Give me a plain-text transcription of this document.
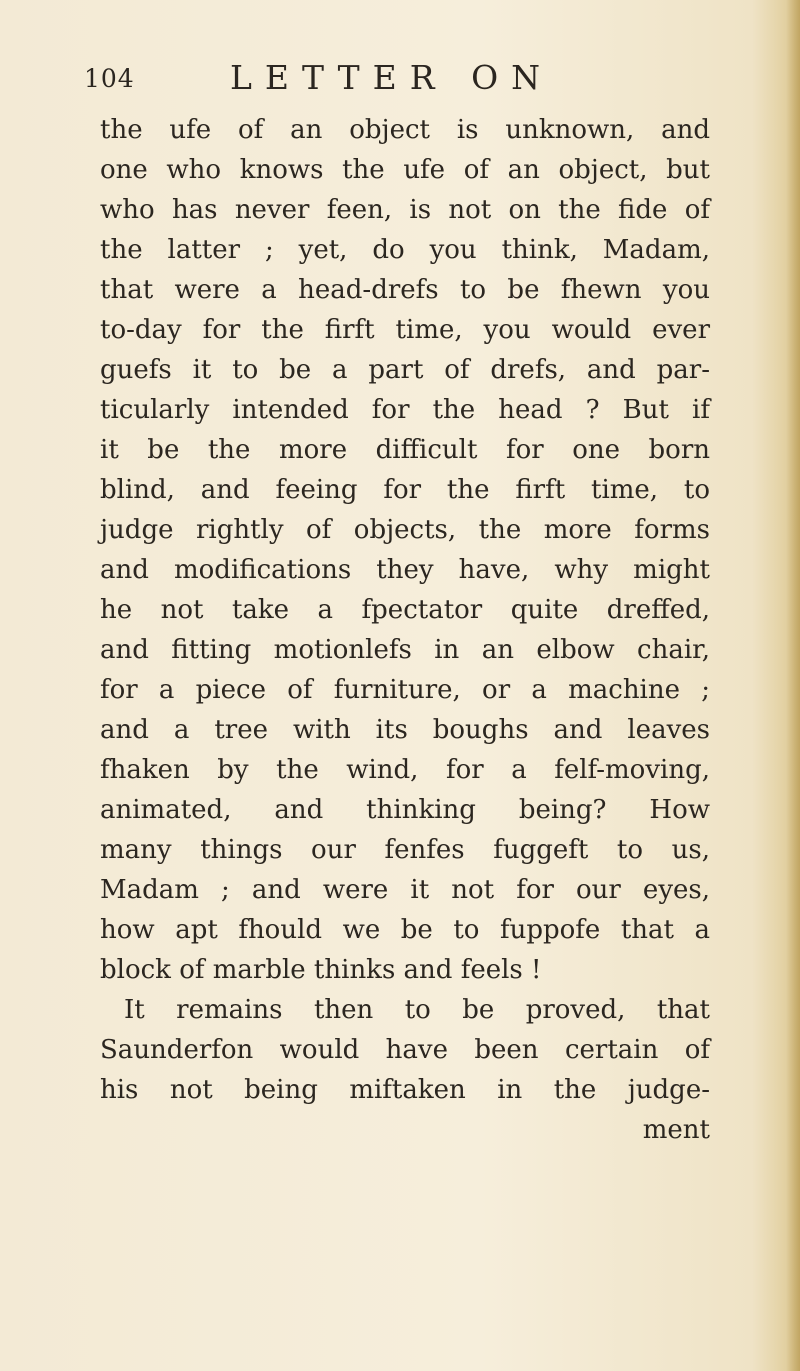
104	LETTER ON
the ufe of an object is unknown, and
one who knows the ufe of an object, but
who has never feen, is not on the fide of
the latter ; yet, do you think, Madam,
that were a head-drefs to be fhewn you
to-day for the firft time, you would ever
guefs it to be a part of drefs, and par-
ticularly intended for the head ? But if
it be the more difficult for one born
blind, and feeing for the firft time, to
judge rightly of objects, the more forms
and modifications they have, why might
he not take a fpectator quite dreffed,
and fitting motionlefs in an elbow chair,
for a piece of furniture, or a machine ;
and a tree with its boughs and leaves
fhaken by the wind, for a felf-moving,
animated, and thinking being? How
many things our fenfes fuggeft to us,
Madam ; and were it not for our eyes,
how apt fhould we be to fuppofe that a
block of marble thinks and feels !
It remains then to be proved, that
Saunderfon would have been certain of
his not being miftaken in the judge-
ment
